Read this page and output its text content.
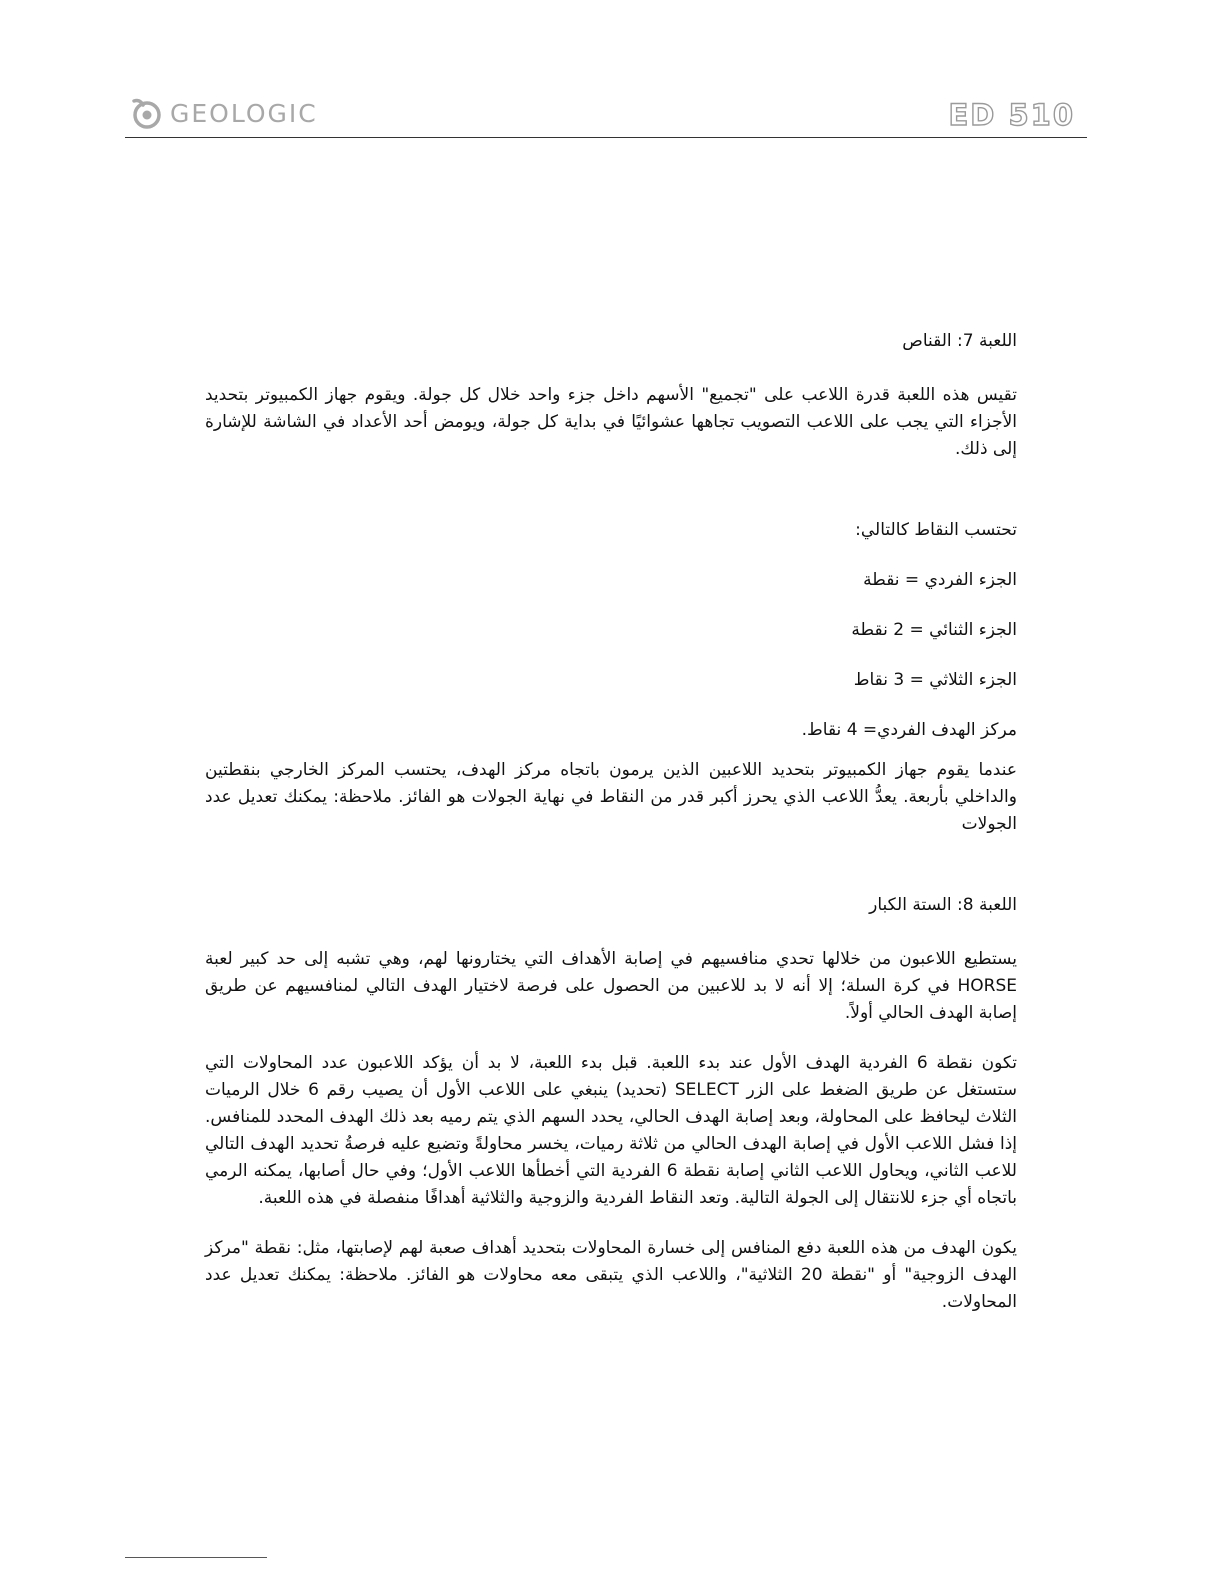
GEOLOGIC	ED 510

اللعبة 7: القناص

تقيس هذه اللعبة قدرة اللاعب على "تجميع" الأسهم داخل جزء واحد خلال كل جولة. ويقوم جهاز الكمبيوتر بتحديد الأجزاء التي يجب على اللاعب التصويب تجاهها عشوائيًا في بداية كل جولة، ويومض أحد الأعداد في الشاشة للإشارة إلى ذلك.

تحتسب النقاط كالتالي:

الجزء الفردي = نقطة

الجزء الثنائي = 2 نقطة

الجزء الثلاثي = 3 نقاط

مركز الهدف الفردي= 4 نقاط.

عندما يقوم جهاز الكمبيوتر بتحديد اللاعبين الذين يرمون باتجاه مركز الهدف، يحتسب المركز الخارجي بنقطتين والداخلي بأربعة. يعدُّ اللاعب الذي يحرز أكبر قدر من النقاط في نهاية الجولات هو الفائز. ملاحظة: يمكنك تعديل عدد الجولات

اللعبة 8: الستة الكبار

يستطيع اللاعبون من خلالها تحدي منافسيهم في إصابة الأهداف التي يختارونها لهم، وهي تشبه إلى حد كبير لعبة HORSE في كرة السلة؛ إلا أنه لا بد للاعبين من الحصول على فرصة لاختيار الهدف التالي لمنافسيهم عن طريق إصابة الهدف الحالي أولاً.

تكون نقطة 6 الفردية الهدف الأول عند بدء اللعبة. قبل بدء اللعبة، لا بد أن يؤكد اللاعبون عدد المحاولات التي ستستغل عن طريق الضغط على الزر SELECT (تحديد) ينبغي على اللاعب الأول أن يصيب رقم 6 خلال الرميات الثلاث ليحافظ على المحاولة، وبعد إصابة الهدف الحالي، يحدد السهم الذي يتم رميه بعد ذلك الهدف المحدد للمنافس. إذا فشل اللاعب الأول في إصابة الهدف الحالي من ثلاثة رميات، يخسر محاولةً وتضيع عليه فرصةُ تحديد الهدف التالي للاعب الثاني، ويحاول اللاعب الثاني إصابة نقطة 6 الفردية التي أخطأها اللاعب الأول؛ وفي حال أصابها، يمكنه الرمي باتجاه أي جزء للانتقال إلى الجولة التالية. وتعد النقاط الفردية والزوجية والثلاثية أهدافًا منفصلة في هذه اللعبة.

يكون الهدف من هذه اللعبة دفع المنافس إلى خسارة المحاولات بتحديد أهداف صعبة لهم لإصابتها، مثل: نقطة "مركز الهدف الزوجية" أو "نقطة 20 الثلاثية"، واللاعب الذي يتبقى معه محاولات هو الفائز. ملاحظة: يمكنك تعديل عدد المحاولات.
